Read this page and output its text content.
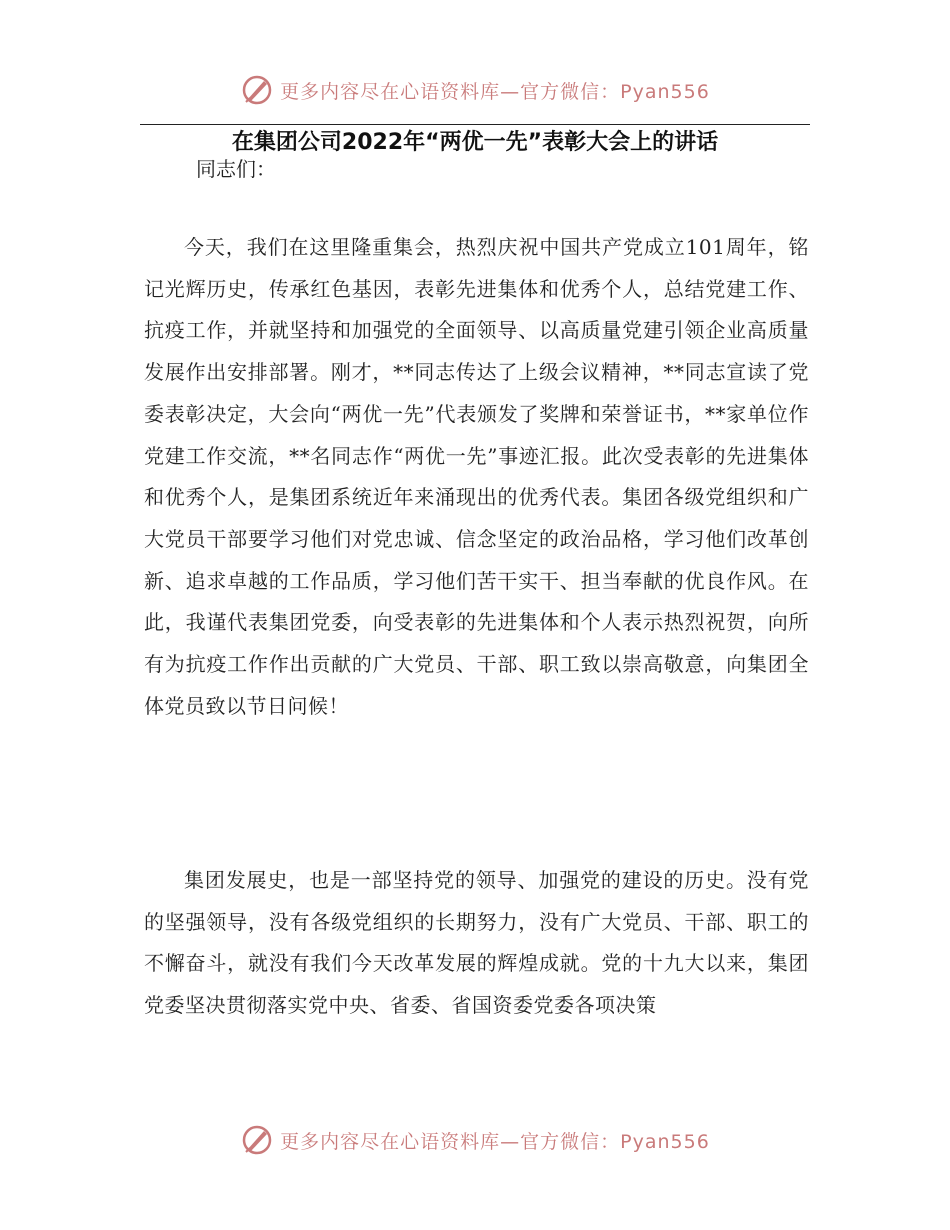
更多内容尽在心语资料库—官方微信：Pyan556
在集团公司2022年“两优一先”表彰大会上的讲话
同志们：
今天，我们在这里隆重集会，热烈庆祝中国共产党成立101周年，铭记光辉历史，传承红色基因，表彰先进集体和优秀个人，总结党建工作、抗疫工作，并就坚持和加强党的全面领导、以高质量党建引领企业高质量发展作出安排部署。刚才，**同志传达了上级会议精神，**同志宣读了党委表彰决定，大会向“两优一先”代表颁发了奖牌和荣誉证书，**家单位作党建工作交流，**名同志作“两优一先”事迹汇报。此次受表彰的先进集体和优秀个人，是集团系统近年来涌现出的优秀代表。集团各级党组织和广大党员干部要学习他们对党忠诚、信念坚定的政治品格，学习他们改革创新、追求卓越的工作品质，学习他们苦干实干、担当奉献的优良作风。在此，我谨代表集团党委，向受表彰的先进集体和个人表示热烈祝贺，向所有为抗疫工作作出贡献的广大党员、干部、职工致以崇高敬意，向集团全体党员致以节日问候！
集团发展史，也是一部坚持党的领导、加强党的建设的历史。没有党的坚强领导，没有各级党组织的长期努力，没有广大党员、干部、职工的不懈奋斗，就没有我们今天改革发展的辉煌成就。党的十九大以来，集团党委坚决贯彻落实党中央、省委、省国资委党委各项决策
更多内容尽在心语资料库—官方微信：Pyan556
